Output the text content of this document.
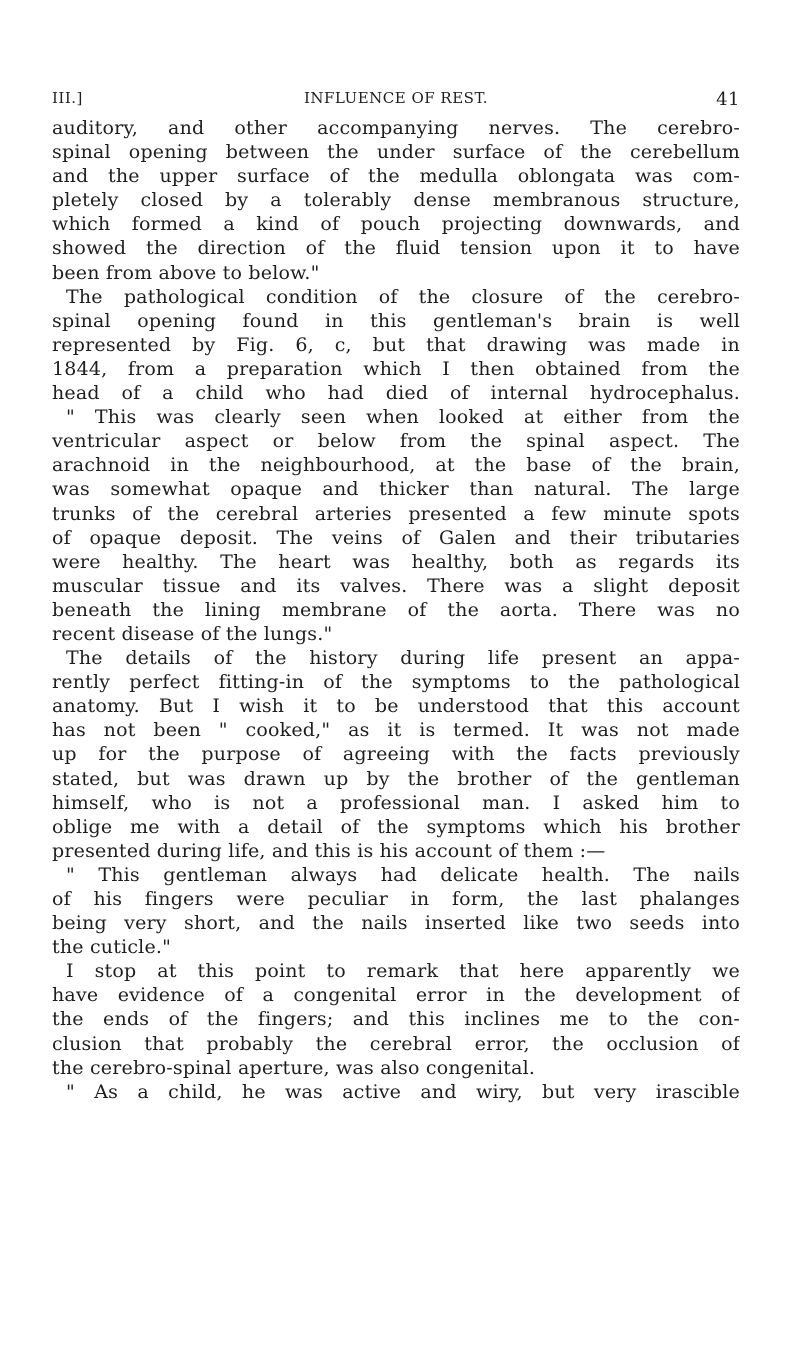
III.]	INFLUENCE OF REST.	41
auditory, and other accompanying nerves. The cerebro-
spinal opening between the under surface of the cerebellum
and the upper surface of the medulla oblongata was com-
pletely closed by a tolerably dense membranous structure,
which formed a kind of pouch projecting downwards, and
showed the direction of the fluid tension upon it to have
been from above to below."
The pathological condition of the closure of the cerebro-
spinal opening found in this gentleman's brain is well
represented by Fig. 6, c, but that drawing was made in
1844, from a preparation which I then obtained from the
head of a child who had died of internal hydrocephalus.
" This was clearly seen when looked at either from the
ventricular aspect or below from the spinal aspect. The
arachnoid in the neighbourhood, at the base of the brain,
was somewhat opaque and thicker than natural. The large
trunks of the cerebral arteries presented a few minute spots
of opaque deposit. The veins of Galen and their tributaries
were healthy. The heart was healthy, both as regards its
muscular tissue and its valves. There was a slight deposit
beneath the lining membrane of the aorta. There was no
recent disease of the lungs."
The details of the history during life present an appa-
rently perfect fitting-in of the symptoms to the pathological
anatomy. But I wish it to be understood that this account
has not been " cooked," as it is termed. It was not made
up for the purpose of agreeing with the facts previously
stated, but was drawn up by the brother of the gentleman
himself, who is not a professional man. I asked him to
oblige me with a detail of the symptoms which his brother
presented during life, and this is his account of them :—
" This gentleman always had delicate health. The nails
of his fingers were peculiar in form, the last phalanges
being very short, and the nails inserted like two seeds into
the cuticle."
I stop at this point to remark that here apparently we
have evidence of a congenital error in the development of
the ends of the fingers; and this inclines me to the con-
clusion that probably the cerebral error, the occlusion of
the cerebro-spinal aperture, was also congenital.
" As a child, he was active and wiry, but very irascible
